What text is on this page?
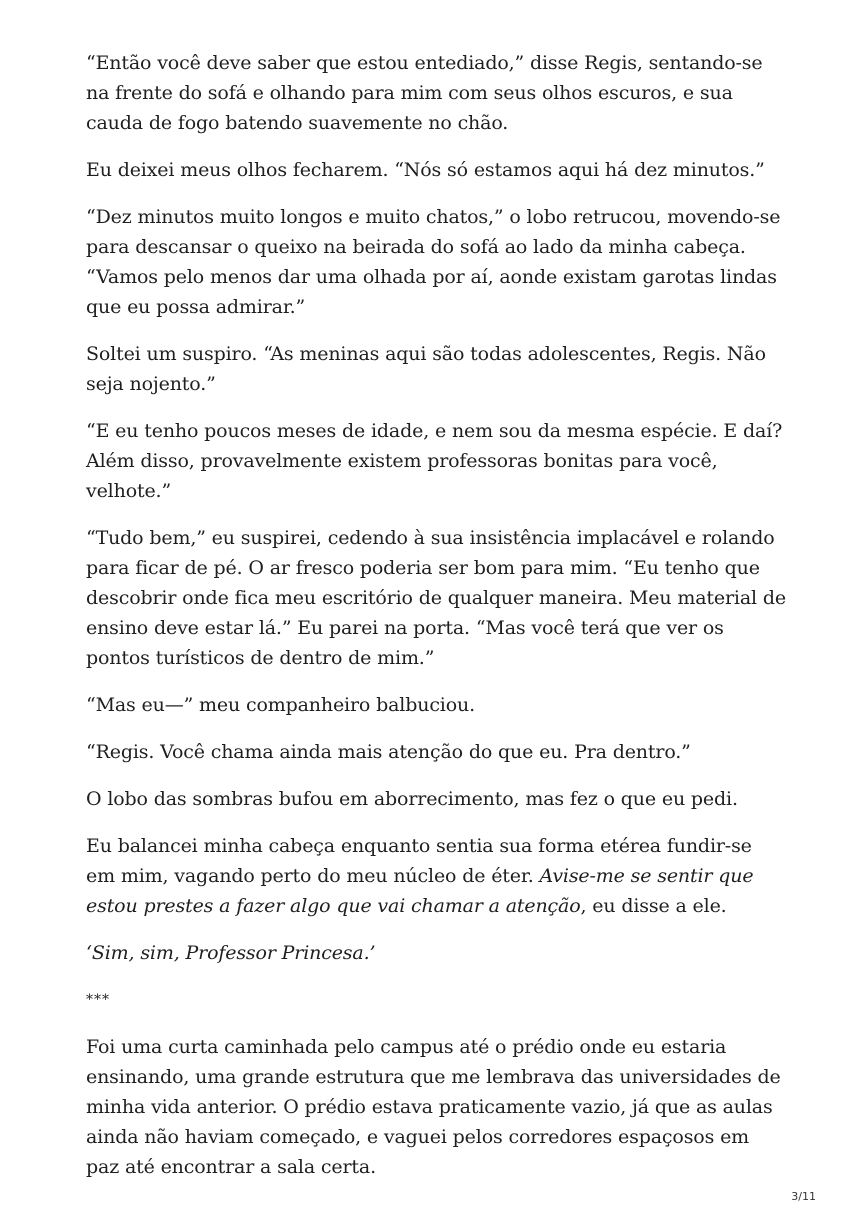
“Então você deve saber que estou entediado,” disse Regis, sentando-se na frente do sofá e olhando para mim com seus olhos escuros, e sua cauda de fogo batendo suavemente no chão.

Eu deixei meus olhos fecharem. “Nós só estamos aqui há dez minutos.”

“Dez minutos muito longos e muito chatos,” o lobo retrucou, movendo-se para descansar o queixo na beirada do sofá ao lado da minha cabeça. “Vamos pelo menos dar uma olhada por aí, aonde existam garotas lindas que eu possa admirar.”

Soltei um suspiro. “As meninas aqui são todas adolescentes, Regis. Não seja nojento.”

“E eu tenho poucos meses de idade, e nem sou da mesma espécie. E daí? Além disso, provavelmente existem professoras bonitas para você, velhote.”

“Tudo bem,” eu suspirei, cedendo à sua insistência implacável e rolando para ficar de pé. O ar fresco poderia ser bom para mim. “Eu tenho que descobrir onde fica meu escritório de qualquer maneira. Meu material de ensino deve estar lá.” Eu parei na porta. “Mas você terá que ver os pontos turísticos de dentro de mim.”

“Mas eu—” meu companheiro balbuciou.

“Regis. Você chama ainda mais atenção do que eu. Pra dentro.”

O lobo das sombras bufou em aborrecimento, mas fez o que eu pedi.

Eu balancei minha cabeça enquanto sentia sua forma etérea fundir-se em mim, vagando perto do meu núcleo de éter. Avise-me se sentir que estou prestes a fazer algo que vai chamar a atenção, eu disse a ele.

‘Sim, sim, Professor Princesa.’

***

Foi uma curta caminhada pelo campus até o prédio onde eu estaria ensinando, uma grande estrutura que me lembrava das universidades de minha vida anterior. O prédio estava praticamente vazio, já que as aulas ainda não haviam começado, e vaguei pelos corredores espaçosos em paz até encontrar a sala certa.

3/11
